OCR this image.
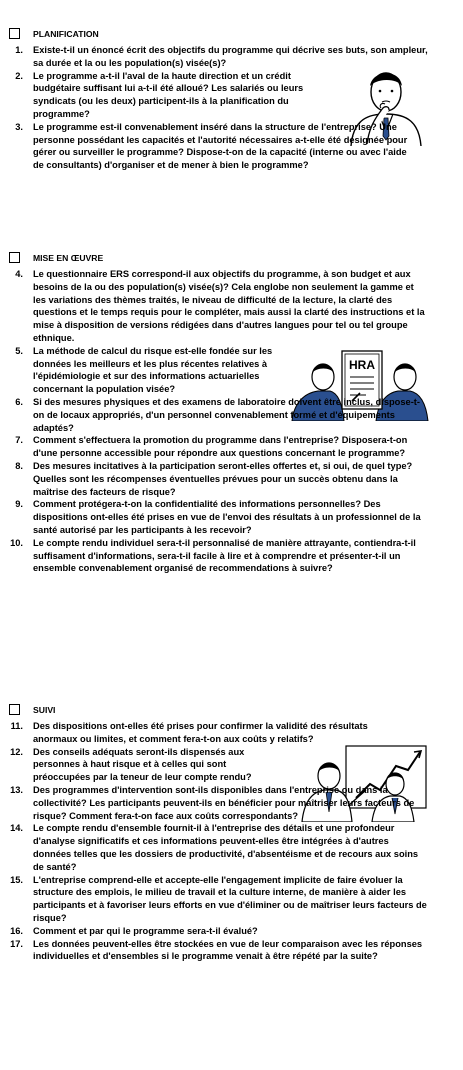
HRA
PLANIFICATION
1. Existe-t-il un énoncé écrit des objectifs du programme qui décrive ses buts, son ampleur, sa durée et la ou les population(s) visée(s)?
2. Le programme a-t-il l'aval de la haute direction et un crédit budgétaire suffisant lui a-t-il été alloué? Les salariés ou leurs syndicats (ou les deux) participent-ils à la planification du programme?
3. Le programme est-il convenablement inséré dans la structure de l'entreprise? Une personne possédant les capacités et l'autorité nécessaires a-t-elle été désignée pour gérer ou surveiller le programme? Dispose-t-on de la capacité (interne ou avec l'aide de consultants) d'organiser et de mener à bien le programme?
MISE EN ŒUVRE
4. Le questionnaire ERS correspond-il aux objectifs du programme, à son budget et aux besoins de la ou des population(s) visée(s)? Cela englobe non seulement la gamme et les variations des thèmes traités, le niveau de difficulté de la lecture, la clarté des questions et le temps requis pour le compléter, mais aussi la clarté des instructions et la mise à disposition de versions rédigées dans d'autres langues pour tel ou tel groupe ethnique.
5. La méthode de calcul du risque est-elle fondée sur les données les meilleurs et les plus récentes relatives à l'épidémiologie et sur des informations actuarielles concernant la population visée?
6. Si des mesures physiques et des examens de laboratoire doivent être inclus, dispose-t-on de locaux appropriés, d'un personnel convenablement formé et d'équipements adaptés?
7. Comment s'effectuera la promotion du programme dans l'entreprise? Disposera-t-on d'une personne accessible pour répondre aux questions concernant le programme?
8. Des mesures incitatives à la participation seront-elles offertes et, si oui, de quel type? Quelles sont les récompenses éventuelles prévues pour un succès obtenu dans la maîtrise des facteurs de risque?
9. Comment protégera-t-on la confidentialité des informations personnelles? Des dispositions ont-elles été prises en vue de l'envoi des résultats à un professionnel de la santé autorisé par les participants à les recevoir?
10. Le compte rendu individuel sera-t-il personnalisé de manière attrayante, contiendra-t-il suffisament d'informations, sera-t-il facile à lire et à comprendre et présenter-t-il un ensemble convenablement organisé de recommendations à suivre?
SUIVI
11. Des dispositions ont-elles été prises pour confirmer la validité des résultats anormaux ou limites, et comment fera-t-on aux coûts y relatifs?
12. Des conseils adéquats seront-ils dispensés aux personnes à haut risque et à celles qui sont préoccupées par la teneur de leur compte rendu?
13. Des programmes d'intervention sont-ils disponibles dans l'entreprise ou dans la collectivité? Les participants peuvent-ils en bénéficier pour maîtriser leurs facteurs de risque? Comment fera-t-on face aux coûts correspondants?
14. Le compte rendu d'ensemble fournit-il à l'entreprise des détails et une profondeur d'analyse significatifs et ces informations peuvent-elles être intégrées à d'autres données telles que les dossiers de productivité, d'absentéisme et de recours aux soins de santé?
15. L'entreprise comprend-elle et accepte-elle l'engagement implicite de faire évoluer la structure des emplois, le milieu de travail et la culture interne, de manière à aider les participants et à favoriser leurs efforts en vue d'éliminer ou de maîtriser leurs facteurs de risque?
16. Comment et par qui le programme sera-t-il évalué?
17. Les données peuvent-elles être stockées en vue de leur comparaison avec les réponses individuelles et d'ensembles si le programme venait à être répété par la suite?
